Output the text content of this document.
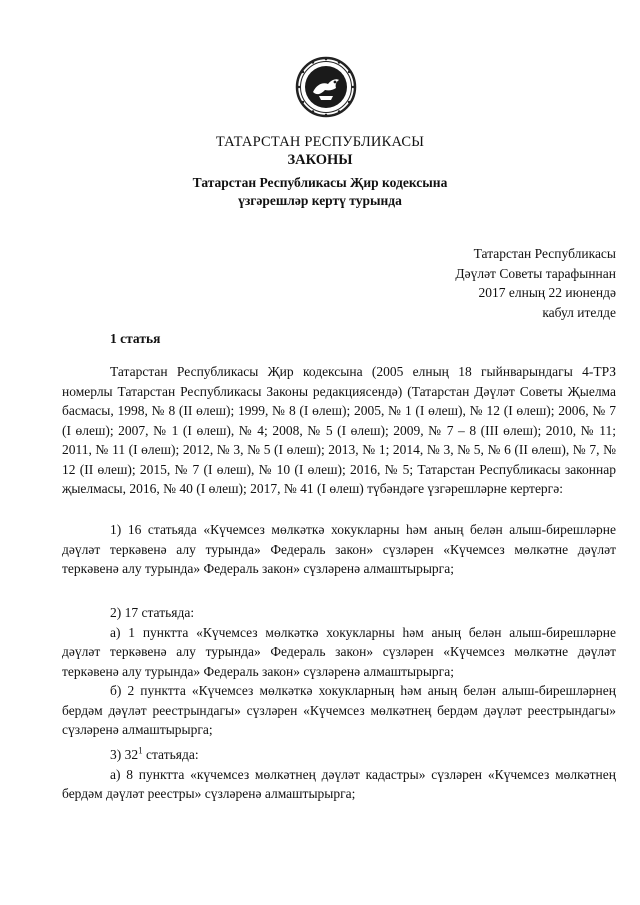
ТАТАРСТАН РЕСПУБЛИКАСЫ
ЗАКОНЫ
Татарстан Республикасы Җир кодексына
үзгәрешләр кертү турында
Татарстан Республикасы
Дәүләт Советы тарафыннан
2017 елның 22 июнендә
кабул ителде
1 статья

Татарстан Республикасы Җир кодексына (2005 елның 18 гыйнварындагы 4-ТРЗ номерлы Татарстан Республикасы Законы редакциясендә) (Татарстан Дәүләт Советы Җыелма басмасы, 1998, № 8 (II өлеш); 1999, № 8 (I өлеш); 2005, № 1 (I өлеш), № 12 (I өлеш); 2006, № 7 (I өлеш); 2007, № 1 (I өлеш), № 4; 2008, № 5 (I өлеш); 2009, № 7 – 8 (III өлеш); 2010, № 11; 2011, № 11 (I өлеш); 2012, № 3, № 5 (I өлеш); 2013, № 1; 2014, № 3, № 5, № 6 (II өлеш), № 7, № 12 (II өлеш); 2015, № 7 (I өлеш), № 10 (I өлеш); 2016, № 5; Татарстан Республикасы законнар җыелмасы, 2016, № 40 (I өлеш); 2017, № 41 (I өлеш) түбәндәге үзгәрешләрне кертергә:

1) 16 статьяда «Күчемсез мөлкәткә хокукларны һәм аның белән алыш-бирешләрне дәүләт теркәвенә алу турында» Федераль закон» сүзләрен «Күчемсез мөлкәтне дәүләт теркәвенә алу турында» Федераль закон» сүзләренә алмаштырырга;

2) 17 статьяда:

а) 1 пунктта «Күчемсез мөлкәткә хокукларны һәм аның белән алыш-бирешләрне дәүләт теркәвенә алу турында» Федераль закон» сүзләрен «Күчемсез мөлкәтне дәүләт теркәвенә алу турында» Федераль закон» сүзләренә алмаштырырга;

б) 2 пунктта «Күчемсез мөлкәткә хокукларның һәм аның белән алыш-бирешләрнең бердәм дәүләт реестрындагы» сүзләрен «Күчемсез мөлкәтнең бердәм дәүләт реестрындагы» сүзләренә алмаштырырга;

3) $32^1$ статьяда:

а) 8 пунктта «күчемсез мөлкәтнең дәүләт кадастры» сүзләрен «Күчемсез мөлкәтнең бердәм дәүләт реестры» сүзләренә алмаштырырга;
